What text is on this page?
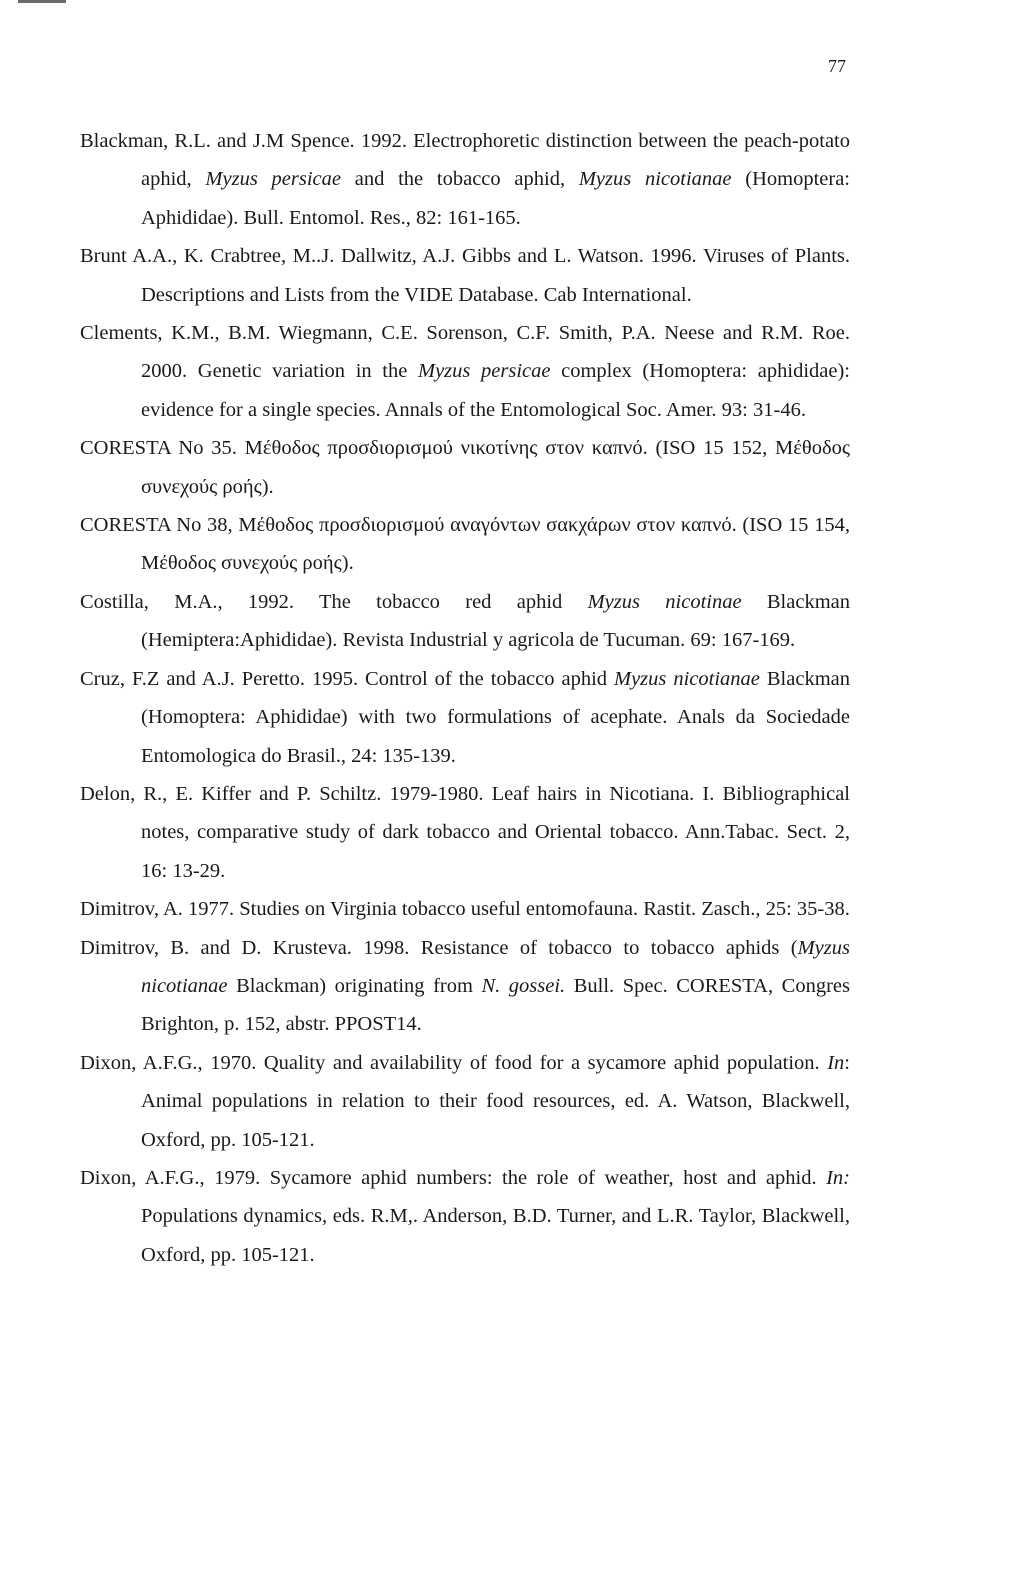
77
Blackman, R.L. and J.M Spence. 1992. Electrophoretic distinction between the peach-potato aphid, Myzus persicae and the tobacco aphid, Myzus nicotianae (Homoptera: Aphididae). Bull. Entomol. Res., 82: 161-165.
Brunt A.A., K. Crabtree, M..J. Dallwitz, A.J. Gibbs and L. Watson. 1996. Viruses of Plants. Descriptions and Lists from the VIDE Database. Cab International.
Clements, K.M., B.M. Wiegmann, C.E. Sorenson, C.F. Smith, P.A. Neese and R.M. Roe. 2000. Genetic variation in the Myzus persicae complex (Homoptera: aphididae): evidence for a single species. Annals of the Entomological Soc. Amer. 93: 31-46.
CORESTA No 35. Μέθοδος προσδιορισμού νικοτίνης στον καπνό. (ISO 15 152, Μέθοδος συνεχούς ροής).
CORESTA No 38, Μέθοδος προσδιορισμού αναγόντων σακχάρων στον καπνό. (ISO 15 154, Μέθοδος συνεχούς ροής).
Costilla, M.A., 1992. The tobacco red aphid Myzus nicotinae Blackman (Hemiptera:Aphididae). Revista Industrial y agricola de Tucuman. 69: 167-169.
Cruz, F.Z and A.J. Peretto. 1995. Control of the tobacco aphid Myzus nicotianae Blackman (Homoptera: Aphididae) with two formulations of acephate. Anals da Sociedade Entomologica do Brasil., 24: 135-139.
Delon, R., E. Kiffer and P. Schiltz. 1979-1980. Leaf hairs in Nicotiana. I. Bibliographical notes, comparative study of dark tobacco and Oriental tobacco. Ann.Tabac. Sect. 2, 16: 13-29.
Dimitrov, A. 1977. Studies on Virginia tobacco useful entomofauna. Rastit. Zasch., 25: 35-38.
Dimitrov, B. and D. Krusteva. 1998. Resistance of tobacco to tobacco aphids (Myzus nicotianae Blackman) originating from N. gossei. Bull. Spec. CORESTA, Congres Brighton, p. 152, abstr. PPOST14.
Dixon, A.F.G., 1970. Quality and availability of food for a sycamore aphid population. In: Animal populations in relation to their food resources, ed. A. Watson, Blackwell, Oxford, pp. 105-121.
Dixon, A.F.G., 1979. Sycamore aphid numbers: the role of weather, host and aphid. In: Populations dynamics, eds. R.M,. Anderson, B.D. Turner, and L.R. Taylor, Blackwell, Oxford, pp. 105-121.
